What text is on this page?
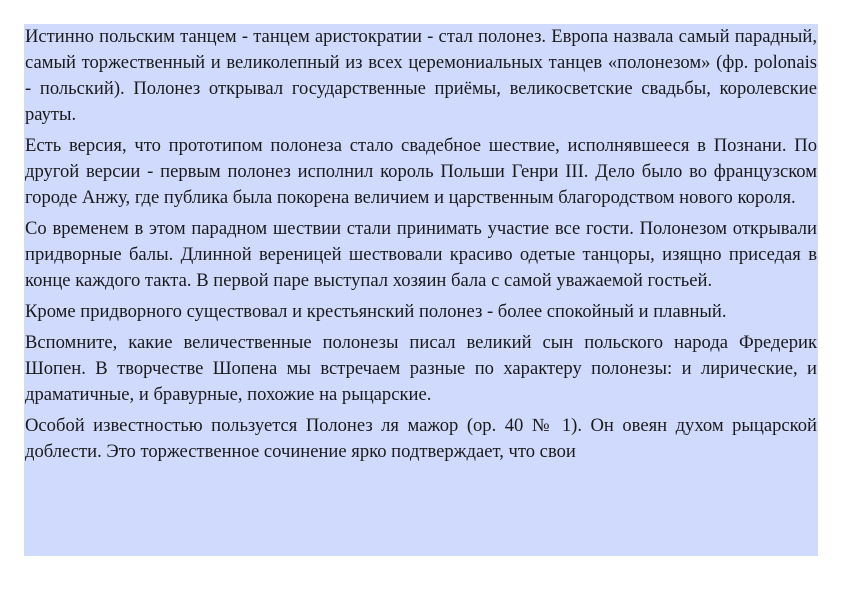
Истинно польским танцем - танцем аристократии - стал полонез. Европа назвала самый парадный, самый торжественный и великолепный из всех церемониальных танцев «полонезом» (фр. polonais - польский). Полонез открывал государственные приёмы, великосветские свадьбы, королевские рауты.

Есть версия, что прототипом полонеза стало свадебное шествие, исполнявшееся в Познани. По другой версии - первым полонез исполнил король Польши Генри III. Дело было во французском городе Анжу, где публика была покорена величием и царственным благородством нового короля.

Со временем в этом парадном шествии стали принимать участие все гости. Полонезом открывали придворные балы. Длинной вереницей шествовали красиво одетые танцоры, изящно приседая в конце каждого такта. В первой паре выступал хозяин бала с самой уважаемой гостьей.

Кроме придворного существовал и крестьянский полонез - более спокойный и плавный.

Вспомните, какие величественные полонезы писал великий сын польского народа Фредерик Шопен. В творчестве Шопена мы встречаем разные по характеру полонезы: и лирические, и драматичные, и бравурные, похожие на рыцарские.

Особой известностью пользуется Полонез ля мажор (ор. 40 № 1). Он овеян духом рыцарской доблести. Это торжественное сочинение ярко подтверждает, что свои
